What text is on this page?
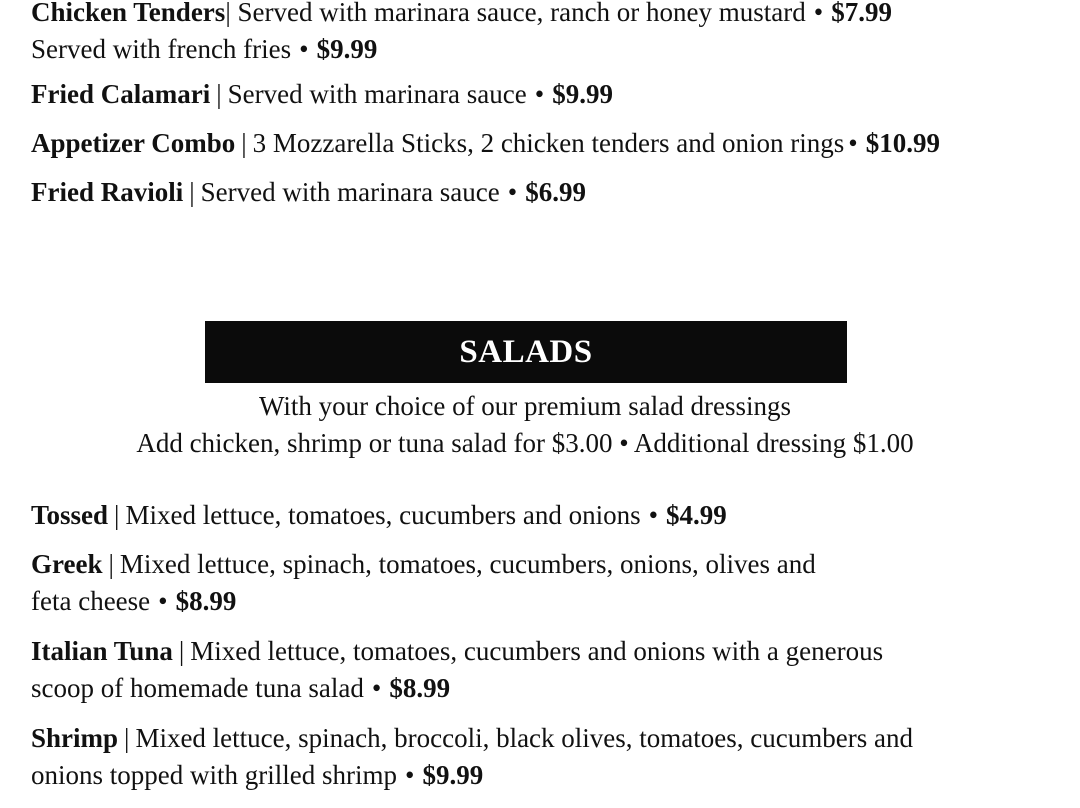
Chicken Tenders| Served with marinara sauce, ranch or honey mustard • $7.99
Served with french fries • $9.99
Fried Calamari | Served with marinara sauce • $9.99
Appetizer Combo | 3 Mozzarella Sticks, 2 chicken tenders and onion rings • $10.99
Fried Ravioli | Served with marinara sauce • $6.99
SALADS
With your choice of our premium salad dressings
Add chicken, shrimp or tuna salad for $3.00 • Additional dressing $1.00
Tossed | Mixed lettuce, tomatoes, cucumbers and onions • $4.99
Greek | Mixed lettuce, spinach, tomatoes, cucumbers, onions, olives and
feta cheese • $8.99
Italian Tuna | Mixed lettuce, tomatoes, cucumbers and onions with a generous
scoop of homemade tuna salad • $8.99
Shrimp | Mixed lettuce, spinach, broccoli, black olives, tomatoes, cucumbers and
onions topped with grilled shrimp • $9.99
